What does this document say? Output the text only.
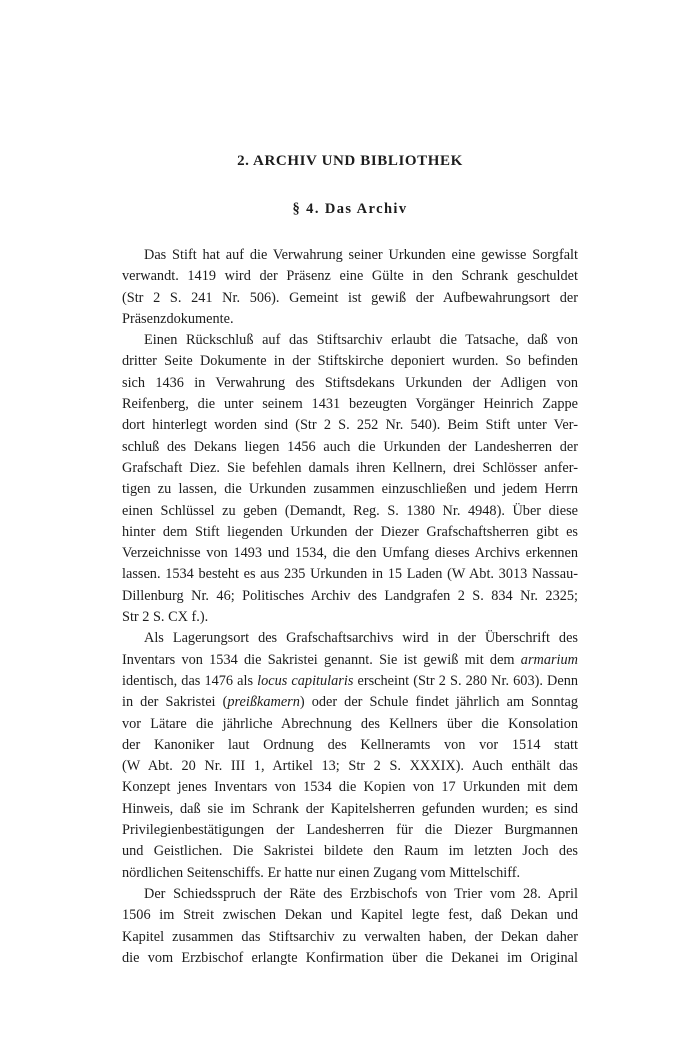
2. ARCHIV UND BIBLIOTHEK
§ 4. Das Archiv
Das Stift hat auf die Verwahrung seiner Urkunden eine gewisse Sorgfalt
verwandt. 1419 wird der Präsenz eine Gülte in den Schrank geschuldet
(Str 2 S. 241 Nr. 506). Gemeint ist gewiß der Aufbewahrungsort der
Präsenzdokumente.
Einen Rückschluß auf das Stiftsarchiv erlaubt die Tatsache, daß von
dritter Seite Dokumente in der Stiftskirche deponiert wurden. So befinden
sich 1436 in Verwahrung des Stiftsdekans Urkunden der Adligen von
Reifenberg, die unter seinem 1431 bezeugten Vorgänger Heinrich Zappe
dort hinterlegt worden sind (Str 2 S. 252 Nr. 540). Beim Stift unter Ver-
schluß des Dekans liegen 1456 auch die Urkunden der Landesherren der
Grafschaft Diez. Sie befehlen damals ihren Kellnern, drei Schlösser anfer-
tigen zu lassen, die Urkunden zusammen einzuschließen und jedem Herrn
einen Schlüssel zu geben (Demandt, Reg. S. 1380 Nr. 4948). Über diese
hinter dem Stift liegenden Urkunden der Diezer Grafschaftsherren gibt es
Verzeichnisse von 1493 und 1534, die den Umfang dieses Archivs erkennen
lassen. 1534 besteht es aus 235 Urkunden in 15 Laden (W Abt. 3013 Nassau-
Dillenburg Nr. 46; Politisches Archiv des Landgrafen 2 S. 834 Nr. 2325;
Str 2 S. CX f.).
Als Lagerungsort des Grafschaftsarchivs wird in der Überschrift des
Inventars von 1534 die Sakristei genannt. Sie ist gewiß mit dem armarium
identisch, das 1476 als locus capitularis erscheint (Str 2 S. 280 Nr. 603). Denn
in der Sakristei (preißkamern) oder der Schule findet jährlich am Sonntag
vor Lätare die jährliche Abrechnung des Kellners über die Konsolation
der Kanoniker laut Ordnung des Kellneramts von vor 1514 statt
(W Abt. 20 Nr. III 1, Artikel 13; Str 2 S. XXXIX). Auch enthält das
Konzept jenes Inventars von 1534 die Kopien von 17 Urkunden mit dem
Hinweis, daß sie im Schrank der Kapitelsherren gefunden wurden; es sind
Privilegienbestätigungen der Landesherren für die Diezer Burgmannen
und Geistlichen. Die Sakristei bildete den Raum im letzten Joch des
nördlichen Seitenschiffs. Er hatte nur einen Zugang vom Mittelschiff.
Der Schiedsspruch der Räte des Erzbischofs von Trier vom 28. April
1506 im Streit zwischen Dekan und Kapitel legte fest, daß Dekan und
Kapitel zusammen das Stiftsarchiv zu verwalten haben, der Dekan daher
die vom Erzbischof erlangte Konfirmation über die Dekanei im Original
